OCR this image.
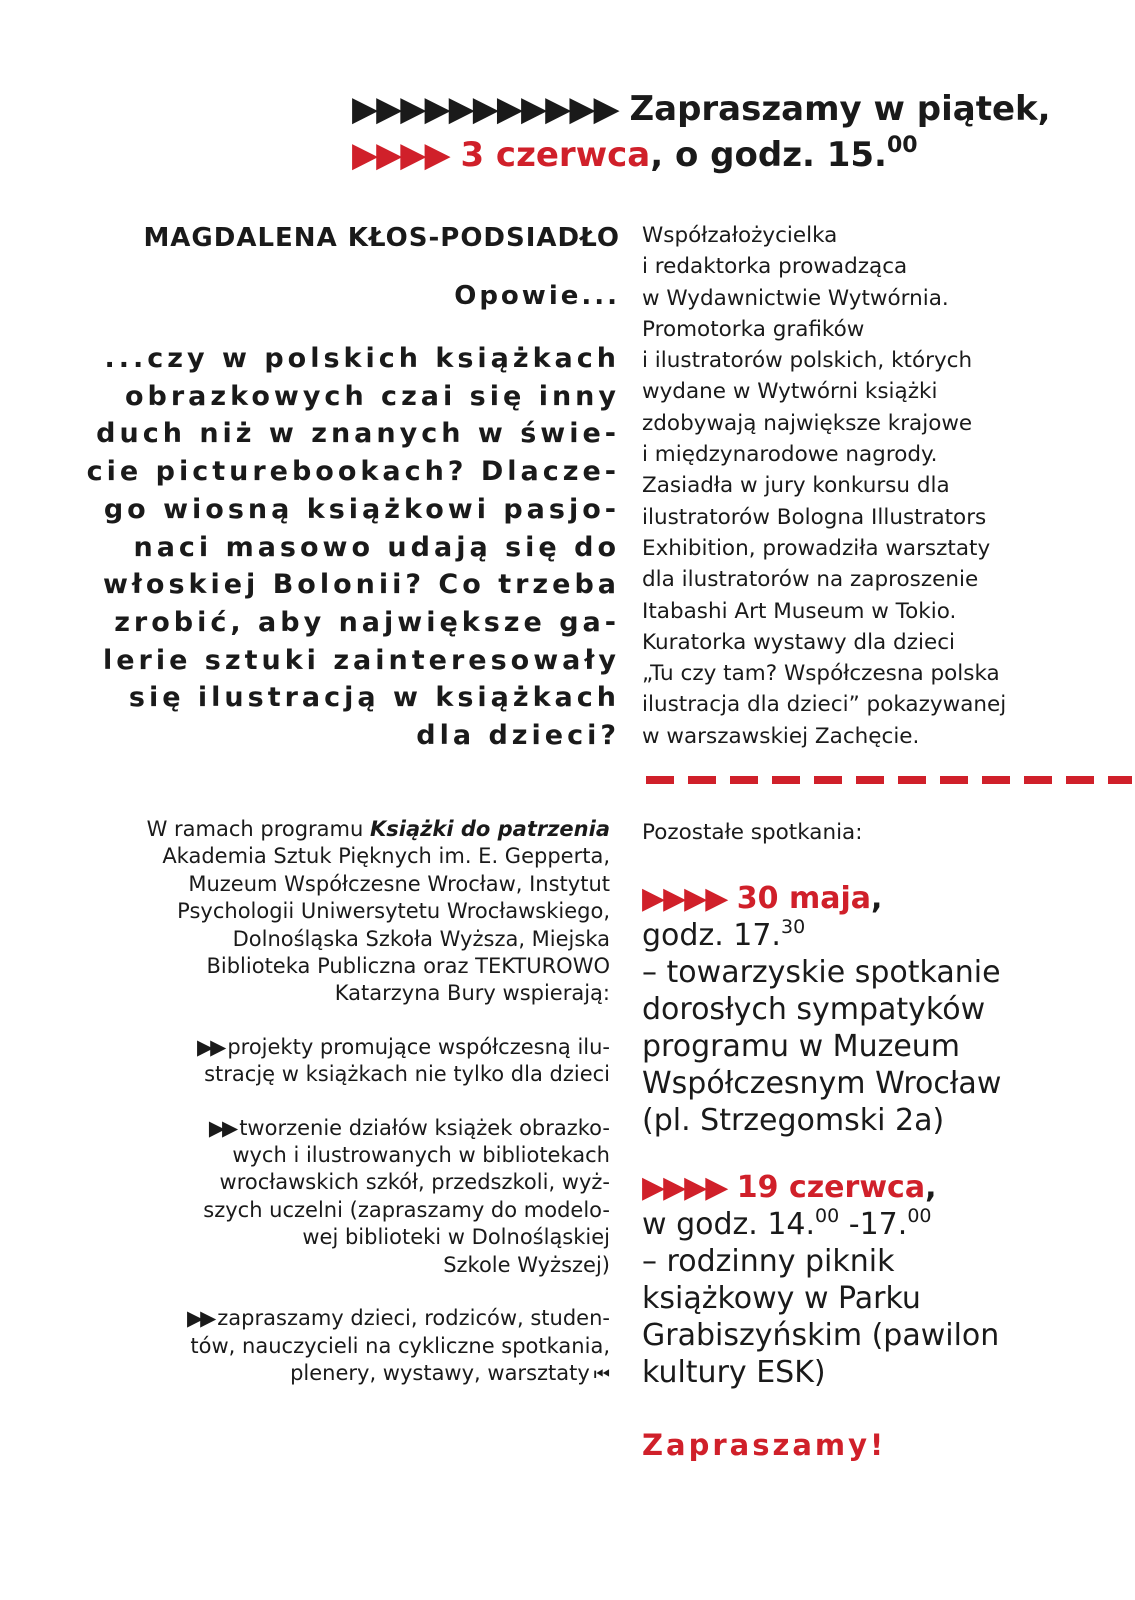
▶▶▶▶▶▶▶▶▶▶▶ Zapraszamy w piątek,
▶▶▶▶ 3 czerwca, o godz. 15.00
MAGDALENA KŁOS-PODSIADŁO
Opowie...
...czy w polskich książkach
obrazkowych czai się inny
duch niż w znanych w świe-
cie picturebookach? Dlacze-
go wiosną książkowi pasjo-
naci masowo udają się do
włoskiej Bolonii? Co trzeba
zrobić, aby największe ga-
lerie sztuki zainteresowały
się ilustracją w książkach
dla dzieci?
Współzałożycielka
i redaktorka prowadząca
w Wydawnictwie Wytwórnia.
Promotorka grafików
i ilustratorów polskich, których
wydane w Wytwórni książki
zdobywają największe krajowe
i międzynarodowe nagrody.
Zasiadła w jury konkursu dla
ilustratorów Bologna Illustrators
Exhibition, prowadziła warsztaty
dla ilustratorów na zaproszenie
Itabashi Art Museum w Tokio.
Kuratorka wystawy dla dzieci
„Tu czy tam? Współczesna polska
ilustracja dla dzieci” pokazywanej
w warszawskiej Zachęcie.
W ramach programu Książki do patrzenia
Akademia Sztuk Pięknych im. E. Gepperta,
Muzeum Współczesne Wrocław, Instytut
Psychologii Uniwersytetu Wrocławskiego,
Dolnośląska Szkoła Wyższa, Miejska
Biblioteka Publiczna oraz TEKTUROWO
Katarzyna Bury wspierają:
▶▶ projekty promujące współczesną ilu-
strację w książkach nie tylko dla dzieci
▶▶ tworzenie działów książek obrazko-
wych i ilustrowanych w bibliotekach
wrocławskich szkół, przedszkoli, wyż-
szych uczelni (zapraszamy do modelo-
wej biblioteki w Dolnośląskiej
Szkole Wyższej)
▶▶ zapraszamy dzieci, rodziców, studen-
tów, nauczycieli na cykliczne spotkania,
plenery, wystawy, warsztaty ⏮
Pozostałe spotkania:
▶▶▶▶ 30 maja,
godz. 17.30
– towarzyskie spotkanie
dorosłych sympatyków
programu w Muzeum
Współczesnym Wrocław
(pl. Strzegomski 2a)
▶▶▶▶ 19 czerwca,
w godz. 14.00 -17.00
– rodzinny piknik
książkowy w Parku
Grabiszyńskim (pawilon
kultury ESK)
Zapraszamy!
